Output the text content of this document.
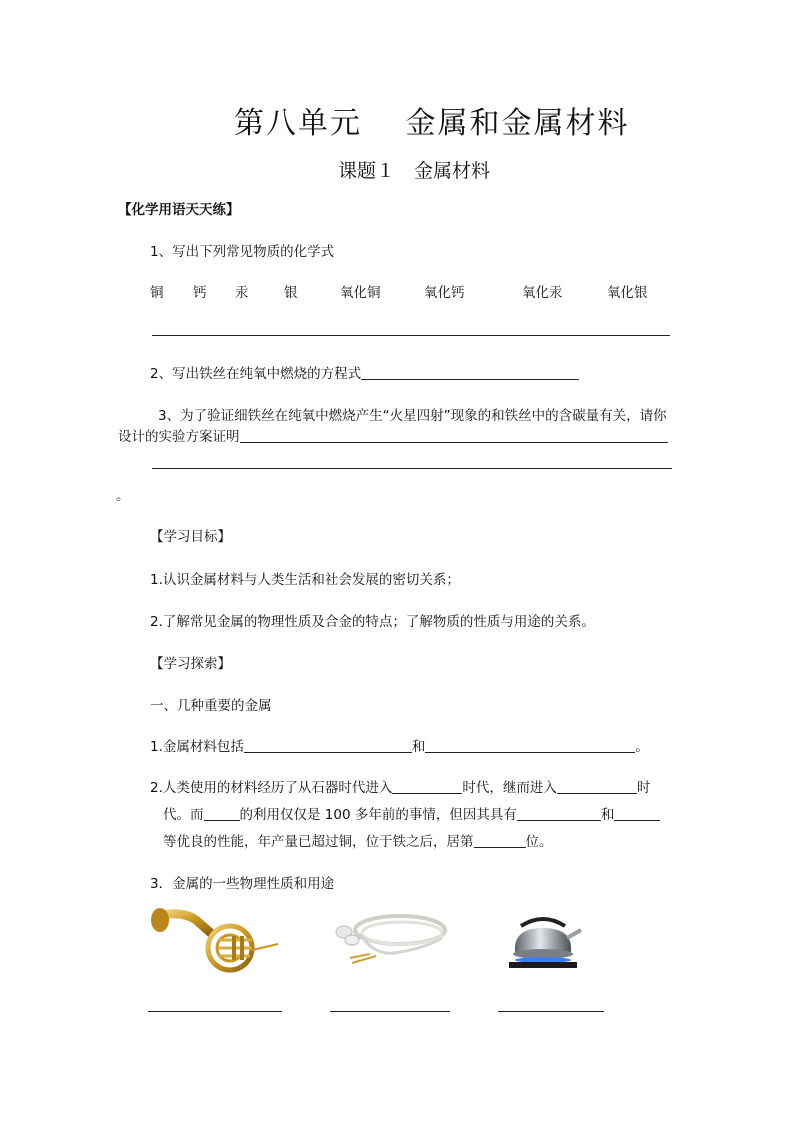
第八单元　 金属和金属材料
课题１　金属材料
【化学用语天天练】
1、写出下列常见物质的化学式
铜 钙 汞	银	氧化铜	氧化钙	氧化汞	氧化银
2、写出铁丝在纯氧中燃烧的方程式
3、为了验证细铁丝在纯氧中燃烧产生“火星四射”现象的和铁丝中的含碳量有关，请你
设计的实验方案证明
。
【学习目标】
1.认识金属材料与人类生活和社会发展的密切关系；
2.了解常见金属的物理性质及合金的特点；了解物质的性质与用途的关系。
【学习探索】
一、几种重要的金属
1.金属材料包括	和	。
2.人类使用的材料经历了从石器时代进入	时代，继而进入	时
代。而	的利用仅仅是 100 多年前的事情，但因其具有	和
等优良的性能，年产量已超过铜，位于铁之后，居第	位。
3．金属的一些物理性质和用途
